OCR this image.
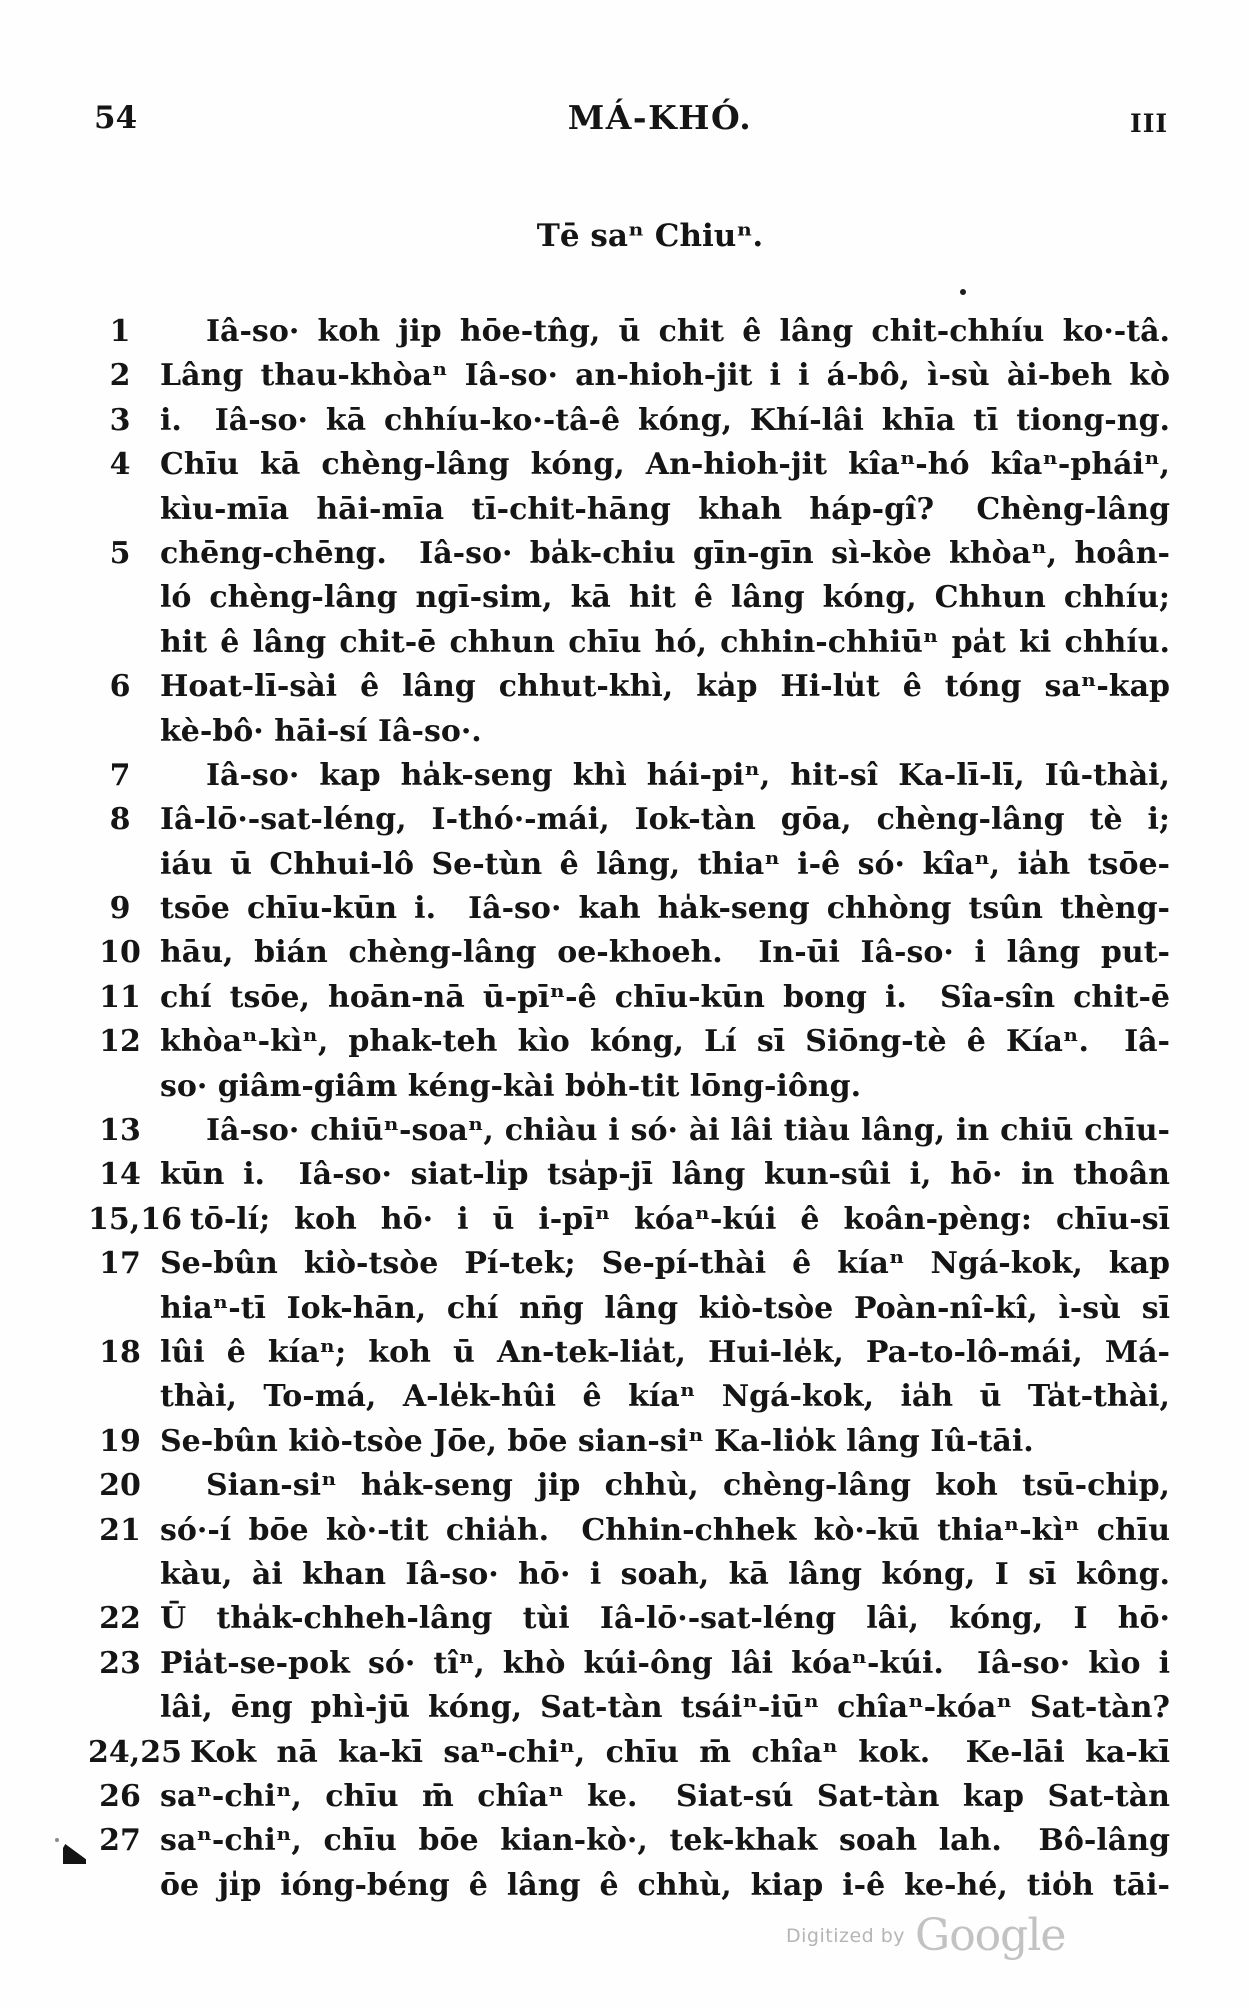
54	MÁ-KHÓ.	III
Tē saⁿ Chiuⁿ.
1	Iâ-so· koh jip hōe-tn̂g, ū chit ê lâng chit-chhíu ko·-tâ.
2 Lâng thau-khòaⁿ Iâ-so· an-hioh-jit i i á-bô, ì-sù ài-beh kò
3 i.  Iâ-so· kā chhíu-ko·-tâ-ê kóng, Khí-lâi khīa tī tiong-ng.
4 Chīu kā chèng-lâng kóng, An-hioh-jit kîaⁿ-hó kîaⁿ-pháiⁿ,
kìu-mīa hāi-mīa tī-chit-hāng khah háp-gî?  Chèng-lâng
5 chēng-chēng.  Iâ-so· ba̍k-chiu gīn-gīn sì-kòe khòaⁿ, hoân-
ló chèng-lâng ngī-sim, kā hit ê lâng kóng, Chhun chhíu;
hit ê lâng chit-ē chhun chīu hó, chhin-chhiūⁿ pa̍t ki chhíu.
6 Hoat-lī-sài ê lâng chhut-khì, ka̍p Hi-lu̍t ê tóng saⁿ-kap
kè-bô· hāi-sí Iâ-so·.
7	Iâ-so· kap ha̍k-seng khì hái-piⁿ, hit-sî Ka-lī-lī, Iû-thài,
8 Iâ-lō·-sat-léng, I-thó·-mái, Iok-tàn gōa, chèng-lâng tè i;
iáu ū Chhui-lô Se-tùn ê lâng, thiaⁿ i-ê só· kîaⁿ, ia̍h tsōe-
9 tsōe chīu-kūn i.  Iâ-so· kah ha̍k-seng chhòng tsûn thèng-
10 hāu, bián chèng-lâng oe-khoeh.  In-ūi Iâ-so· i lâng put-
11 chí tsōe, hoān-nā ū-pīⁿ-ê chīu-kūn bong i.  Sîa-sîn chit-ē
12 khòaⁿ-kìⁿ, phak-teh kìo kóng, Lí sī Siōng-tè ê Kíaⁿ.  Iâ-
so· giâm-giâm kéng-kài bo̍h-tit lōng-iông.
13	Iâ-so· chiūⁿ-soaⁿ, chiàu i só· ài lâi tiàu lâng, in chiū chīu-
14 kūn i.  Iâ-so· siat-li̍p tsa̍p-jī lâng kun-sûi i, hō· in thoân
15,16 tō-lí; koh hō· i ū i-pīⁿ kóaⁿ-kúi ê koân-pèng: chīu-sī
17 Se-bûn kiò-tsòe Pí-tek; Se-pí-thài ê kíaⁿ Ngá-kok, kap
hiaⁿ-tī Iok-hān, chí nn̄g lâng kiò-tsòe Poàn-nî-kî, ì-sù sī
18 lûi ê kíaⁿ; koh ū An-tek-lia̍t, Hui-le̍k, Pa-to-lô-mái, Má-
thài, To-má, A-le̍k-hûi ê kíaⁿ Ngá-kok, ia̍h ū Ta̍t-thài,
19 Se-bûn kiò-tsòe Jōe, bōe sian-siⁿ Ka-lio̍k lâng Iû-tāi.
20	Sian-siⁿ ha̍k-seng jip chhù, chèng-lâng koh tsū-chi̍p,
21 só·-í bōe kò·-tit chia̍h.  Chhin-chhek kò·-kū thiaⁿ-kìⁿ chīu
kàu, ài khan Iâ-so· hō· i soah, kā lâng kóng, I sī kông.
22 Ū tha̍k-chheh-lâng tùi Iâ-lō·-sat-léng lâi, kóng, I hō·
23 Pia̍t-se-pok só· tîⁿ, khò kúi-ông lâi kóaⁿ-kúi.  Iâ-so· kìo i
lâi, ēng phì-jū kóng, Sat-tàn tsáiⁿ-iūⁿ chîaⁿ-kóaⁿ Sat-tàn?
24,25 Kok nā ka-kī saⁿ-chiⁿ, chīu m̄ chîaⁿ kok.  Ke-lāi ka-kī
26 saⁿ-chiⁿ, chīu m̄ chîaⁿ ke.  Siat-sú Sat-tàn kap Sat-tàn
27 saⁿ-chiⁿ, chīu bōe kian-kò·, tek-khak soah lah.  Bô-lâng
ōe ji̍p ióng-béng ê lâng ê chhù, kiap i-ê ke-hé, tio̍h tāi-
Digitized by Google
